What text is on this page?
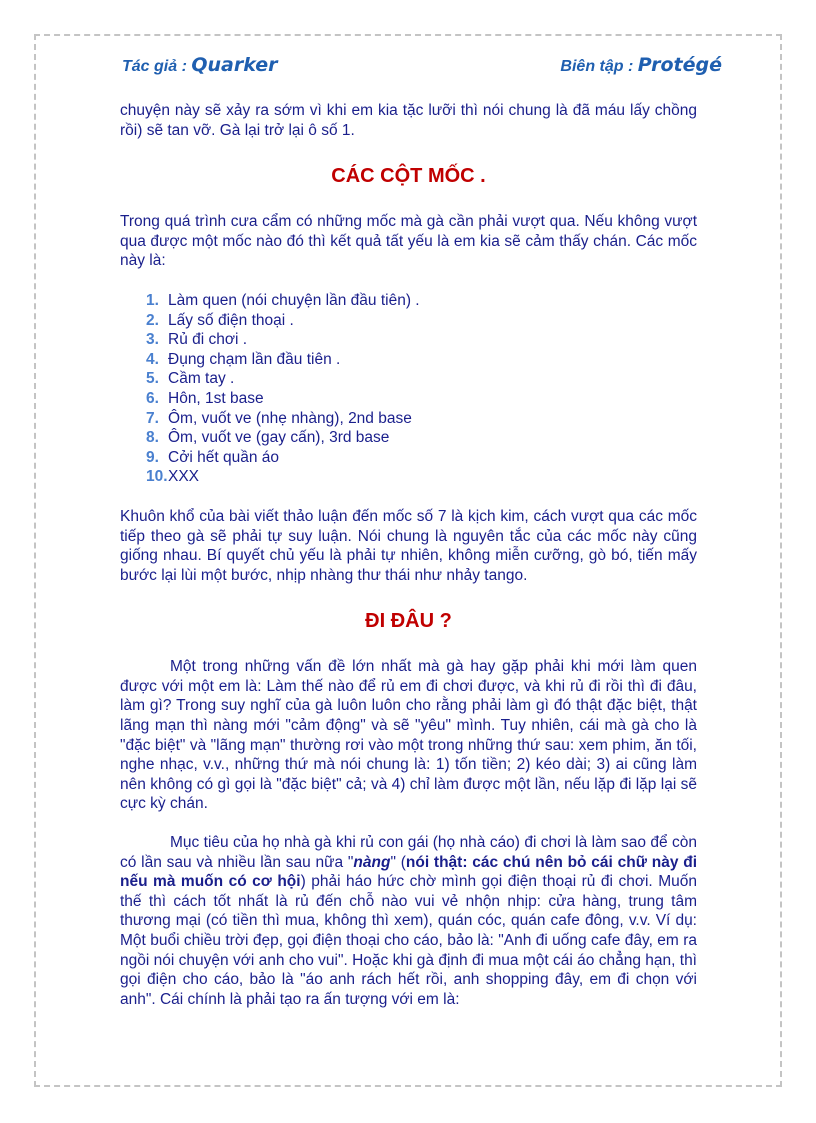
Tác giả : Quarker	Biên tập : Protégé

chuyện này sẽ xảy ra sớm vì khi em kia tặc lưỡi thì nói chung là đã máu lấy chồng rồi) sẽ tan vỡ. Gà lại trở lại ô số 1.

CÁC CỘT MỐC .

Trong quá trình cưa cẩm có những mốc mà gà cần phải vượt qua. Nếu không vượt qua được một mốc nào đó thì kết quả tất yếu là em kia sẽ cảm thấy chán. Các mốc này là:

1. Làm quen (nói chuyện lần đầu tiên) .
2. Lấy số điện thoại .
3. Rủ đi chơi .
4. Đụng chạm lần đầu tiên .
5. Cầm tay .
6. Hôn, 1st base
7. Ôm, vuốt ve (nhẹ nhàng), 2nd base
8. Ôm, vuốt ve (gay cấn), 3rd base
9. Cởi hết quần áo
10. XXX

Khuôn khổ của bài viết thảo luận đến mốc số 7 là kịch kim, cách vượt qua các mốc tiếp theo gà sẽ phải tự suy luận. Nói chung là nguyên tắc của các mốc này cũng giống nhau. Bí quyết chủ yếu là phải tự nhiên, không miễn cưỡng, gò bó, tiến mấy bước lại lùi một bước, nhịp nhàng thư thái như nhảy tango.

ĐI ĐÂU ?

Một trong những vấn đề lớn nhất mà gà hay gặp phải khi mới làm quen được với một em là: Làm thế nào để rủ em đi chơi được, và khi rủ đi rồi thì đi đâu, làm gì? Trong suy nghĩ của gà luôn luôn cho rằng phải làm gì đó thật đặc biệt, thật lãng mạn thì nàng mới "cảm động" và sẽ "yêu" mình. Tuy nhiên, cái mà gà cho là "đặc biệt" và "lãng mạn" thường rơi vào một trong những thứ sau: xem phim, ăn tối, nghe nhạc, v.v., những thứ mà nói chung là: 1) tốn tiền; 2) kéo dài; 3) ai cũng làm nên không có gì gọi là "đặc biệt" cả; và 4) chỉ làm được một lần, nếu lặp đi lặp lại sẽ cực kỳ chán.

Mục tiêu của họ nhà gà khi rủ con gái (họ nhà cáo) đi chơi là làm sao để còn có lần sau và nhiều lần sau nữa "nàng" (nói thật: các chú nên bỏ cái chữ này đi nếu mà muốn có cơ hội) phải háo hức chờ mình gọi điện thoại rủ đi chơi. Muốn thế thì cách tốt nhất là rủ đến chỗ nào vui vẻ nhộn nhịp: cửa hàng, trung tâm thương mại (có tiền thì mua, không thì xem), quán cóc, quán cafe đông, v.v. Ví dụ: Một buổi chiều trời đẹp, gọi điện thoại cho cáo, bảo là: "Anh đi uống cafe đây, em ra ngồi nói chuyện với anh cho vui". Hoặc khi gà định đi mua một cái áo chẳng hạn, thì gọi điện cho cáo, bảo là "áo anh rách hết rồi, anh shopping đây, em đi chọn với anh". Cái chính là phải tạo ra ấn tượng với em là:
